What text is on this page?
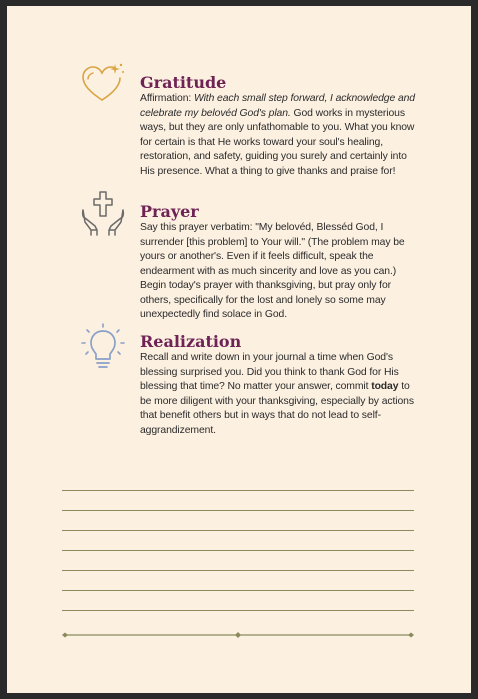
Gratitude

Affirmation: With each small step forward, I acknowledge and celebrate my belovéd God's plan. God works in mysterious ways, but they are only unfathomable to you. What you know for certain is that He works toward your soul's healing, restoration, and safety, guiding you surely and certainly into His presence. What a thing to give thanks and praise for!

Prayer

Say this prayer verbatim: "My belovéd, Blesséd God, I surrender [this problem] to Your will." (The problem may be yours or another's. Even if it feels difficult, speak the endearment with as much sincerity and love as you can.) Begin today's prayer with thanksgiving, but pray only for others, specifically for the lost and lonely so some may unexpectedly find solace in God.

Realization

Recall and write down in your journal a time when God's blessing surprised you. Did you think to thank God for His blessing that time? No matter your answer, commit today to be more diligent with your thanksgiving, especially by actions that benefit others but in ways that do not lead to self-aggrandizement.
